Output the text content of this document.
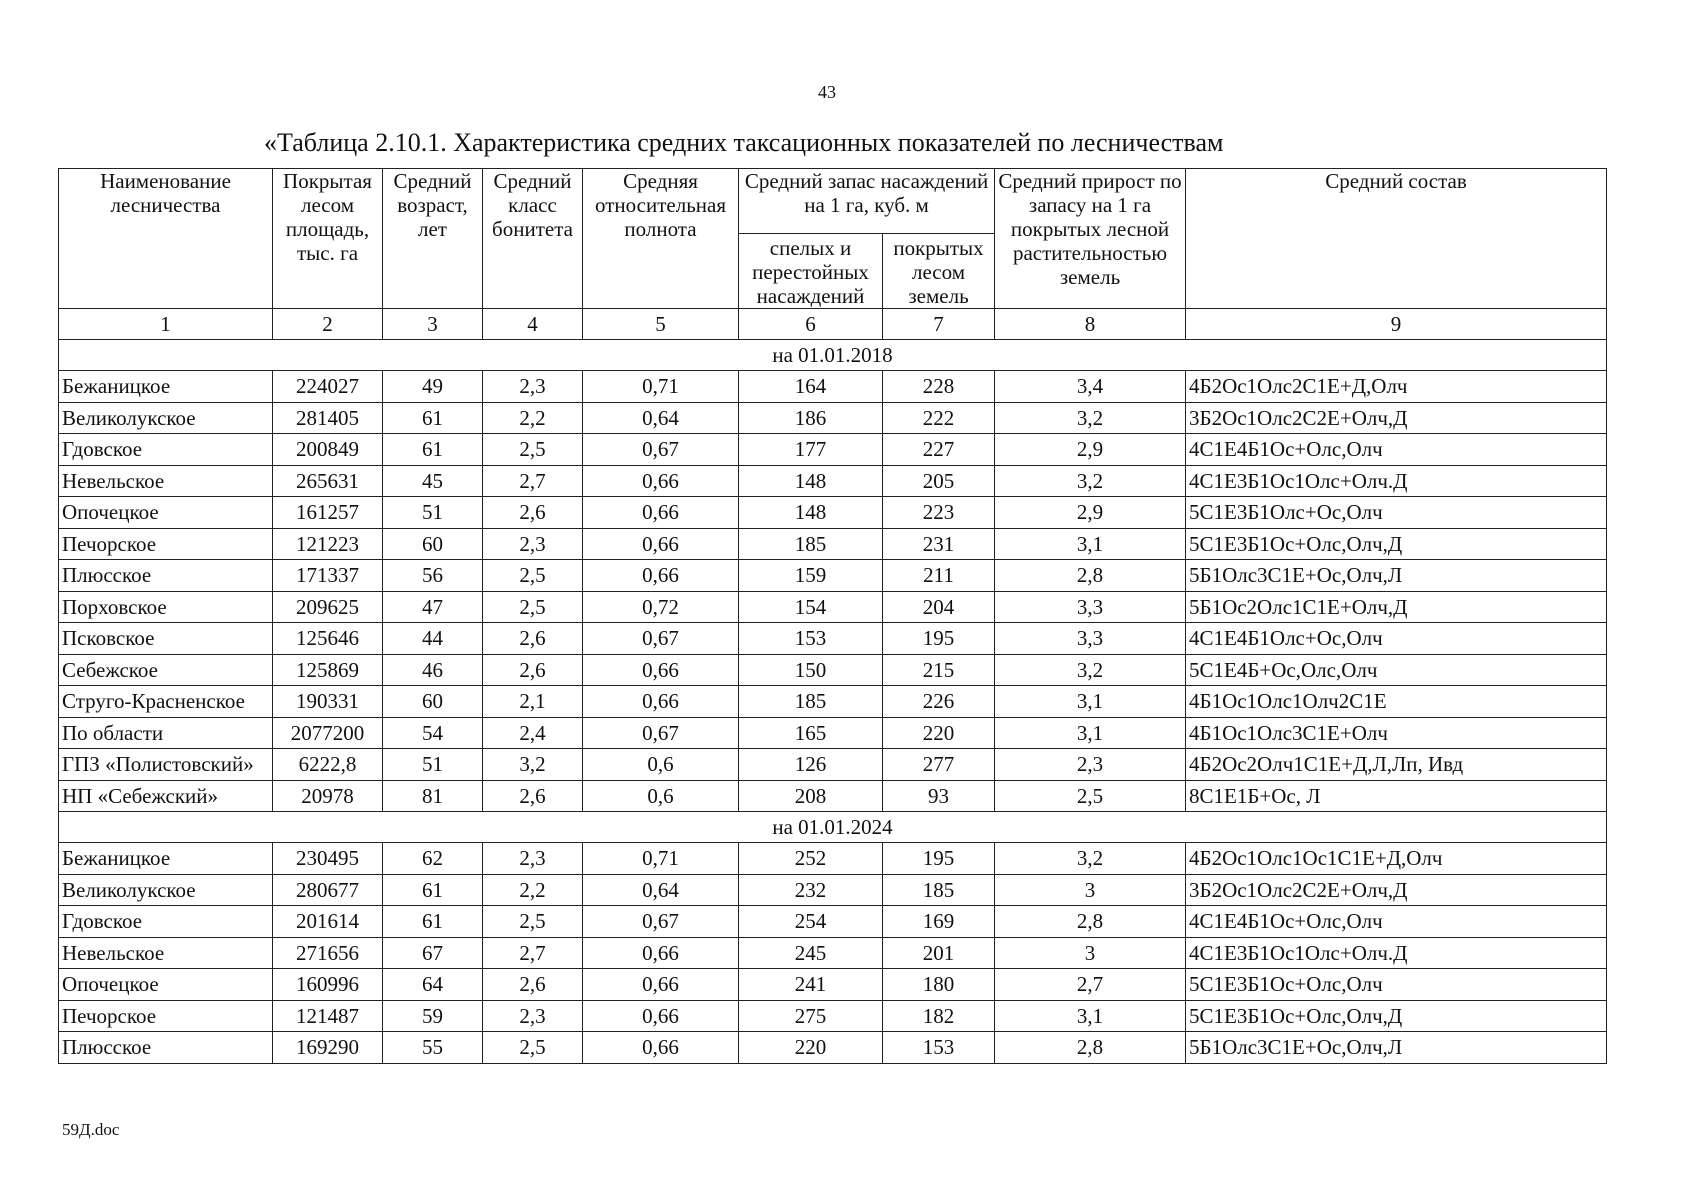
43
«Таблица 2.10.1. Характеристика средних таксационных показателей по лесничествам
Наименование лесничества	Покрытая лесом площадь, тыс. га	Средний возраст, лет	Средний класс бонитета	Средняя относительная полнота	Средний запас насаждений на 1 га, куб. м		Средний прирост по запасу на 1 га покрытых лесной растительностью земель	Средний состав
					спелых и перестойных насаждений	покрытых лесом земель		
1	2	3	4	5	6	7	8	9
на 01.01.2018								
Бежаницкое	224027	49	2,3	0,71	164	228	3,4	4Б2Ос1Олс2С1Е+Д,Олч
Великолукское	281405	61	2,2	0,64	186	222	3,2	3Б2Ос1Олс2С2Е+Олч,Д
Гдовское	200849	61	2,5	0,67	177	227	2,9	4С1Е4Б1Ос+Олс,Олч
Невельское	265631	45	2,7	0,66	148	205	3,2	4С1Е3Б1Ос1Олс+Олч.Д
Опочецкое	161257	51	2,6	0,66	148	223	2,9	5С1Е3Б1Олс+Ос,Олч
Печорское	121223	60	2,3	0,66	185	231	3,1	5С1Е3Б1Ос+Олс,Олч,Д
Плюсское	171337	56	2,5	0,66	159	211	2,8	5Б1Олс3С1Е+Ос,Олч,Л
Порховское	209625	47	2,5	0,72	154	204	3,3	5Б1Ос2Олс1С1Е+Олч,Д
Псковское	125646	44	2,6	0,67	153	195	3,3	4С1Е4Б1Олс+Ос,Олч
Себежское	125869	46	2,6	0,66	150	215	3,2	5С1Е4Б+Ос,Олс,Олч
Струго-Красненское	190331	60	2,1	0,66	185	226	3,1	4Б1Ос1Олс1Олч2С1Е
По области	2077200	54	2,4	0,67	165	220	3,1	4Б1Ос1Олс3С1Е+Олч
ГПЗ «Полистовский»	6222,8	51	3,2	0,6	126	277	2,3	4Б2Ос2Олч1С1Е+Д,Л,Лп, Ивд
НП «Себежский»	20978	81	2,6	0,6	208	93	2,5	8С1Е1Б+Ос, Л
на 01.01.2024								
Бежаницкое	230495	62	2,3	0,71	252	195	3,2	4Б2Ос1Олс1Ос1С1Е+Д,Олч
Великолукское	280677	61	2,2	0,64	232	185	3	3Б2Ос1Олс2С2Е+Олч,Д
Гдовское	201614	61	2,5	0,67	254	169	2,8	4С1Е4Б1Ос+Олс,Олч
Невельское	271656	67	2,7	0,66	245	201	3	4С1Е3Б1Ос1Олс+Олч.Д
Опочецкое	160996	64	2,6	0,66	241	180	2,7	5С1Е3Б1Ос+Олс,Олч
Печорское	121487	59	2,3	0,66	275	182	3,1	5С1Е3Б1Ос+Олс,Олч,Д
Плюсское	169290	55	2,5	0,66	220	153	2,8	5Б1Олс3С1Е+Ос,Олч,Л
59Д.doc
